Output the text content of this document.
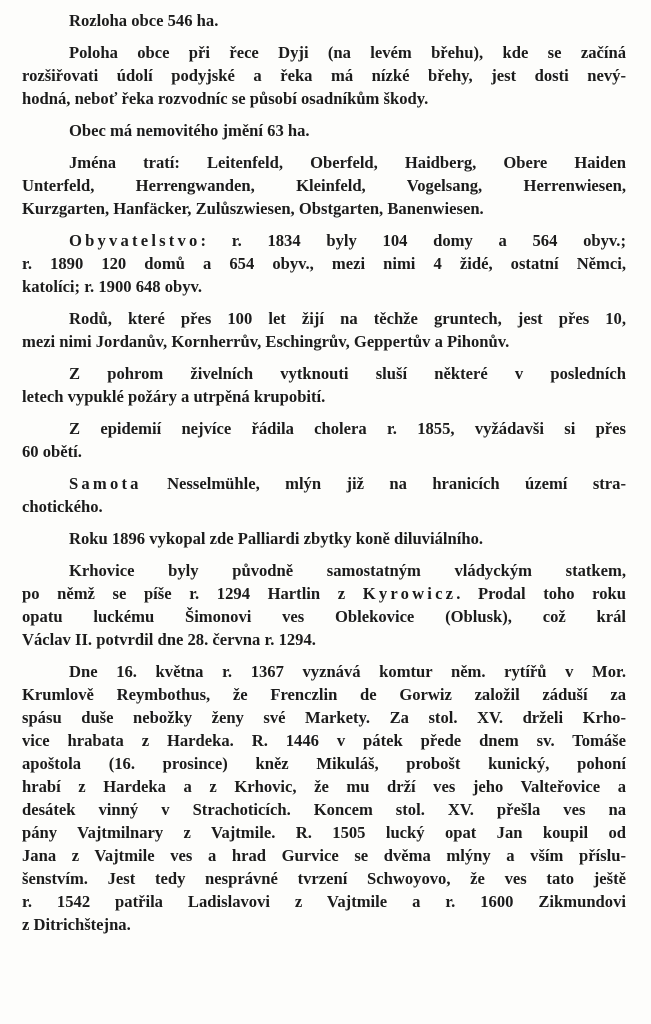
Rozloha obce 546 ha.
Poloha obce při řece Dyji (na levém břehu), kde se začíná
rozšiřovati údolí podyjské a řeka má nízké břehy, jest dosti nevý-
hodná, neboť řeka rozvodníc se působí osadníkům škody.
Obec má nemovitého jmění 63 ha.
Jména tratí: Leitenfeld, Oberfeld, Haidberg, Obere Haiden
Unterfeld, Herrengwanden, Kleinfeld, Vogelsang, Herrenwiesen,
Kurzgarten, Hanfäcker, Zulůszwiesen, Obstgarten, Banenwiesen.
Obyvatelstvo: r. 1834 byly 104 domy a 564 obyv.;
r. 1890 120 domů a 654 obyv., mezi nimi 4 židé, ostatní Němci,
katolíci; r. 1900 648 obyv.
Rodů, které přes 100 let žijí na těchže gruntech, jest přes 10,
mezi nimi Jordanův, Kornherrův, Eschingrův, Geppertův a Pihonův.
Z pohrom živelních vytknouti sluší některé v posledních
letech vypuklé požáry a utrpěná krupobití.
Z epidemií nejvíce řádila cholera r. 1855, vyžádavši si přes
60 obětí.
Samota Nesselmühle, mlýn již na hranicích území stra-
chotického.
Roku 1896 vykopal zde Palliardi zbytky koně diluviálního.
Krhovice byly původně samostatným vládyckým statkem,
po němž se píše r. 1294 Hartlin z Kyrowicz. Prodal toho roku
opatu luckému Šimonovi ves Oblekovice (Oblusk), což král
Václav II. potvrdil dne 28. června r. 1294.
Dne 16. května r. 1367 vyznává komtur něm. rytířů v Mor.
Krumlově Reymbothus, že Frenczlin de Gorwiz založil záduší za
spásu duše nebožky ženy své Markety. Za stol. XV. drželi Krho-
vice hrabata z Hardeka. R. 1446 v pátek přede dnem sv. Tomáše
apoštola (16. prosince) kněz Mikuláš, probošt kunický, pohoní
hrabí z Hardeka a z Krhovic, že mu drží ves jeho Valteřovice a
desátek vinný v Strachoticích. Koncem stol. XV. přešla ves na
pány Vajtmilnary z Vajtmile. R. 1505 lucký opat Jan koupil od
Jana z Vajtmile ves a hrad Gurvice se dvěma mlýny a vším příslu-
šenstvím. Jest tedy nesprávné tvrzení Schwoyovo, že ves tato ještě
r. 1542 patřila Ladislavovi z Vajtmile a r. 1600 Zikmundovi
z Ditrichštejna.
